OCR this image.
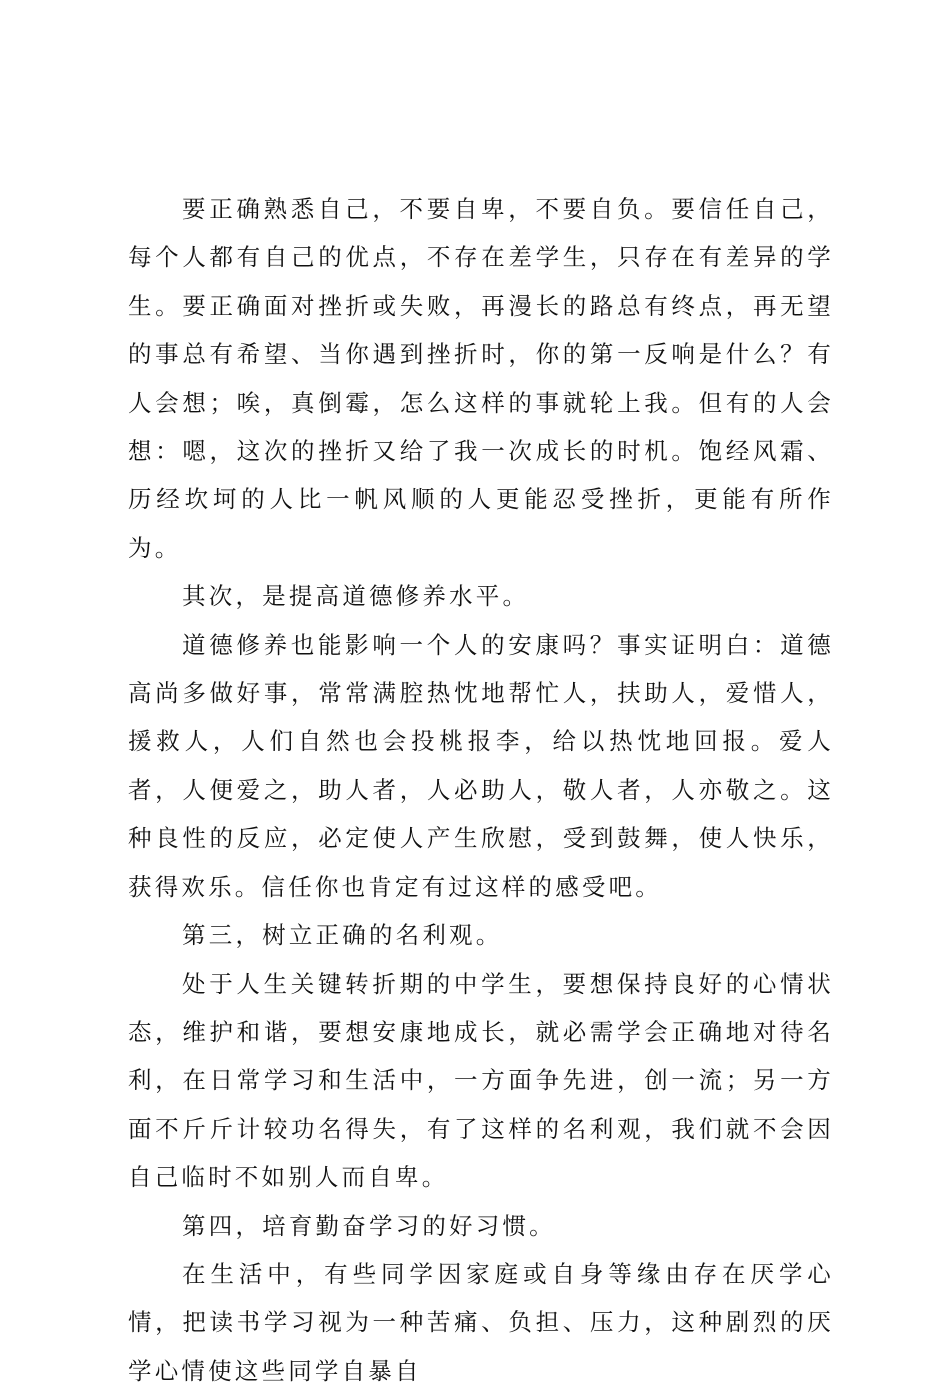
要正确熟悉自己，不要自卑，不要自负。要信任自己，每个人都有自己的优点，不存在差学生，只存在有差异的学生。要正确面对挫折或失败，再漫长的路总有终点，再无望的事总有希望、当你遇到挫折时，你的第一反响是什么？有人会想；唉，真倒霉，怎么这样的事就轮上我。但有的人会想：嗯，这次的挫折又给了我一次成长的时机。饱经风霜、历经坎坷的人比一帆风顺的人更能忍受挫折，更能有所作为。

其次，是提高道德修养水平。

道德修养也能影响一个人的安康吗？事实证明白：道德高尚多做好事，常常满腔热忱地帮忙人，扶助人，爱惜人，援救人，人们自然也会投桃报李，给以热忱地回报。爱人者，人便爱之，助人者，人必助人，敬人者，人亦敬之。这种良性的反应，必定使人产生欣慰，受到鼓舞，使人快乐，获得欢乐。信任你也肯定有过这样的感受吧。

第三，树立正确的名利观。

处于人生关键转折期的中学生，要想保持良好的心情状态，维护和谐，要想安康地成长，就必需学会正确地对待名利，在日常学习和生活中，一方面争先进，创一流；另一方面不斤斤计较功名得失，有了这样的名利观，我们就不会因自己临时不如别人而自卑。

第四，培育勤奋学习的好习惯。

在生活中，有些同学因家庭或自身等缘由存在厌学心情，把读书学习视为一种苦痛、负担、压力，这种剧烈的厌学心情使这些同学自暴自
